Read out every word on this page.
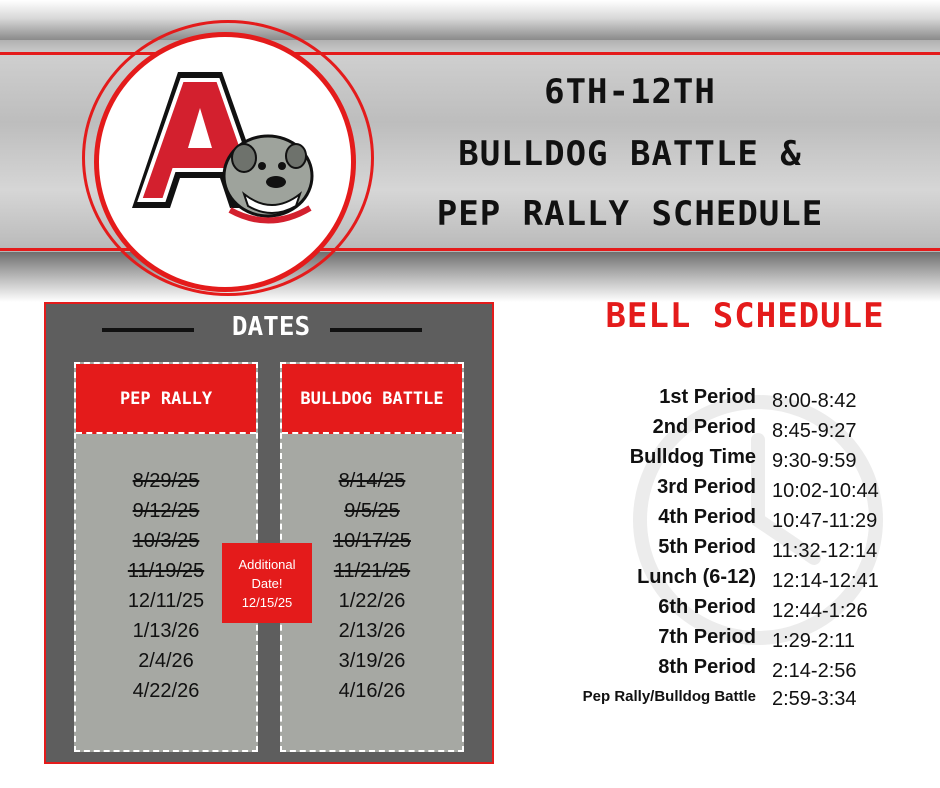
6TH-12TH
BULLDOG BATTLE &
PEP RALLY SCHEDULE
DATES
PEP RALLY
8/29/25
9/12/25
10/3/25
11/19/25
12/11/25
1/13/26
2/4/26
4/22/26
BULLDOG BATTLE
8/14/25
9/5/25
10/17/25
11/21/25
1/22/26
2/13/26
3/19/26
4/16/26
Additional
Date!
12/15/25
BELL SCHEDULE
1st Period 8:00-8:42
2nd Period 8:45-9:27
Bulldog Time 9:30-9:59
3rd Period 10:02-10:44
4th Period 10:47-11:29
5th Period 11:32-12:14
Lunch (6-12) 12:14-12:41
6th Period 12:44-1:26
7th Period 1:29-2:11
8th Period 2:14-2:56
Pep Rally/Bulldog Battle 2:59-3:34
